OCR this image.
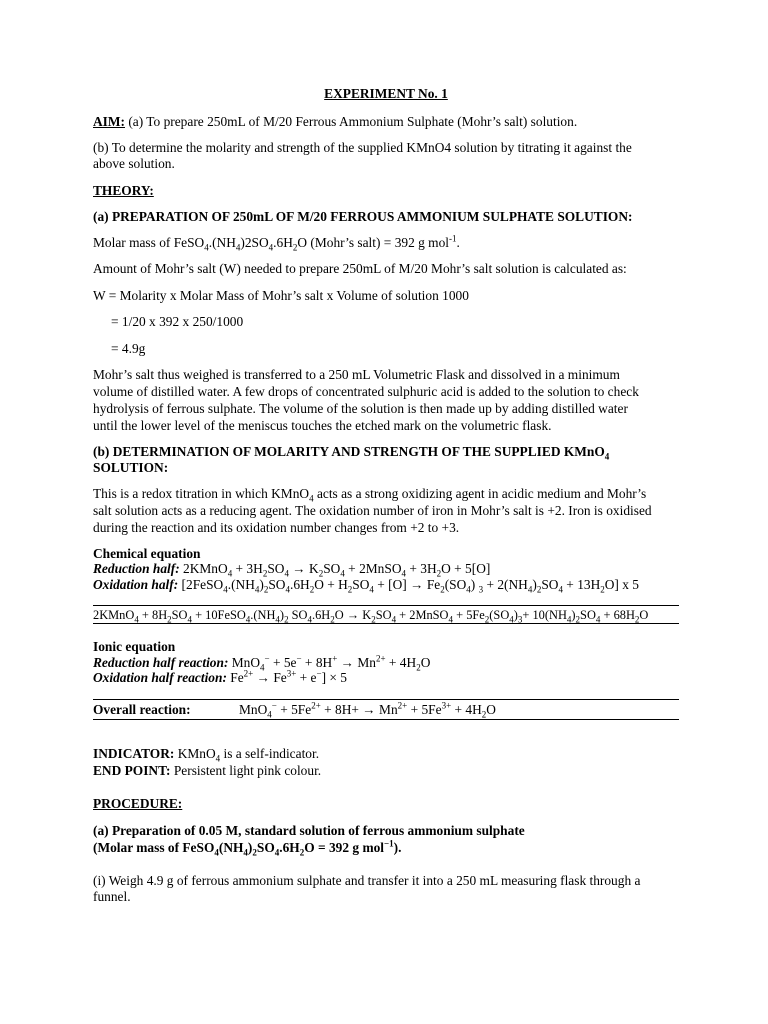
EXPERIMENT No. 1
AIM: (a) To prepare 250mL of M/20 Ferrous Ammonium Sulphate (Mohr’s salt) solution.
(b) To determine the molarity and strength of the supplied KMnO4 solution by titrating it against the
above solution.
THEORY:
(a) PREPARATION OF 250mL OF M/20 FERROUS AMMONIUM SULPHATE SOLUTION:
Molar mass of $FeSO_4.(NH_4)2SO_4.6H_2O$ (Mohr’s salt) = 392 g mol$^{-1}$.
Amount of Mohr’s salt (W) needed to prepare 250mL of M/20 Mohr’s salt solution is calculated as:
W = Molarity x Molar Mass of Mohr’s salt x Volume of solution 1000
= 1/20 x 392 x 250/1000
= 4.9g
Mohr’s salt thus weighed is transferred to a 250 mL Volumetric Flask and dissolved in a minimum
volume of distilled water. A few drops of concentrated sulphuric acid is added to the solution to check
hydrolysis of ferrous sulphate. The volume of the solution is then made up by adding distilled water
until the lower level of the meniscus touches the etched mark on the volumetric flask.
(b) DETERMINATION OF MOLARITY AND STRENGTH OF THE SUPPLIED KMnO$_4$
SOLUTION:
This is a redox titration in which KMnO$_4$ acts as a strong oxidizing agent in acidic medium and Mohr’s
salt solution acts as a reducing agent. The oxidation number of iron in Mohr’s salt is +2. Iron is oxidised
during the reaction and its oxidation number changes from +2 to +3.
Chemical equation
Reduction half: 2KMnO$_4$ + $3H_2SO_4 \to K_2SO_4$ + 2MnSO$_4$ + $3H_2O + 5[O]$
Oxidation half: $[2FeSO_4.(NH_4)_2SO_4.6H_2O + H_2SO_4 + [O] \to Fe_2(SO_4) _3 + 2(NH_4)_2SO_4 + 13H_2O]$ x 5
2KMnO$_4$ + $8H_2SO_4$ + $10FeSO_4.(NH_4)_2$ $SO_4.6H_2O \to K_2SO_4$ + 2MnSO$_4$ + $5Fe_2(SO_4)_3+ 10(NH_4)_2SO_4 + 68H_2O$
Ionic equation
Reduction half reaction: $MnO_4^- + 5e^- + 8H^+ \to Mn^{2+} + 4H_2O$
Oxidation half reaction: $Fe^{2+} \to Fe^{3+} + e^-] \times 5$
Overall reaction:	$MnO_4^- + 5Fe^{2+} + 8H+ \to Mn^{2+} + 5Fe^{3+} + 4H_2O$
INDICATOR: KMnO$_4$ is a self-indicator.
END POINT: Persistent light pink colour.
PROCEDURE:
(a) Preparation of 0.05 M, standard solution of ferrous ammonium sulphate
(Molar mass of $FeSO_4(NH_4)_2SO_4.6H_2O = 392$ g mol$^{-1}$).
(i) Weigh 4.9 g of ferrous ammonium sulphate and transfer it into a 250 mL measuring flask through a
funnel.
